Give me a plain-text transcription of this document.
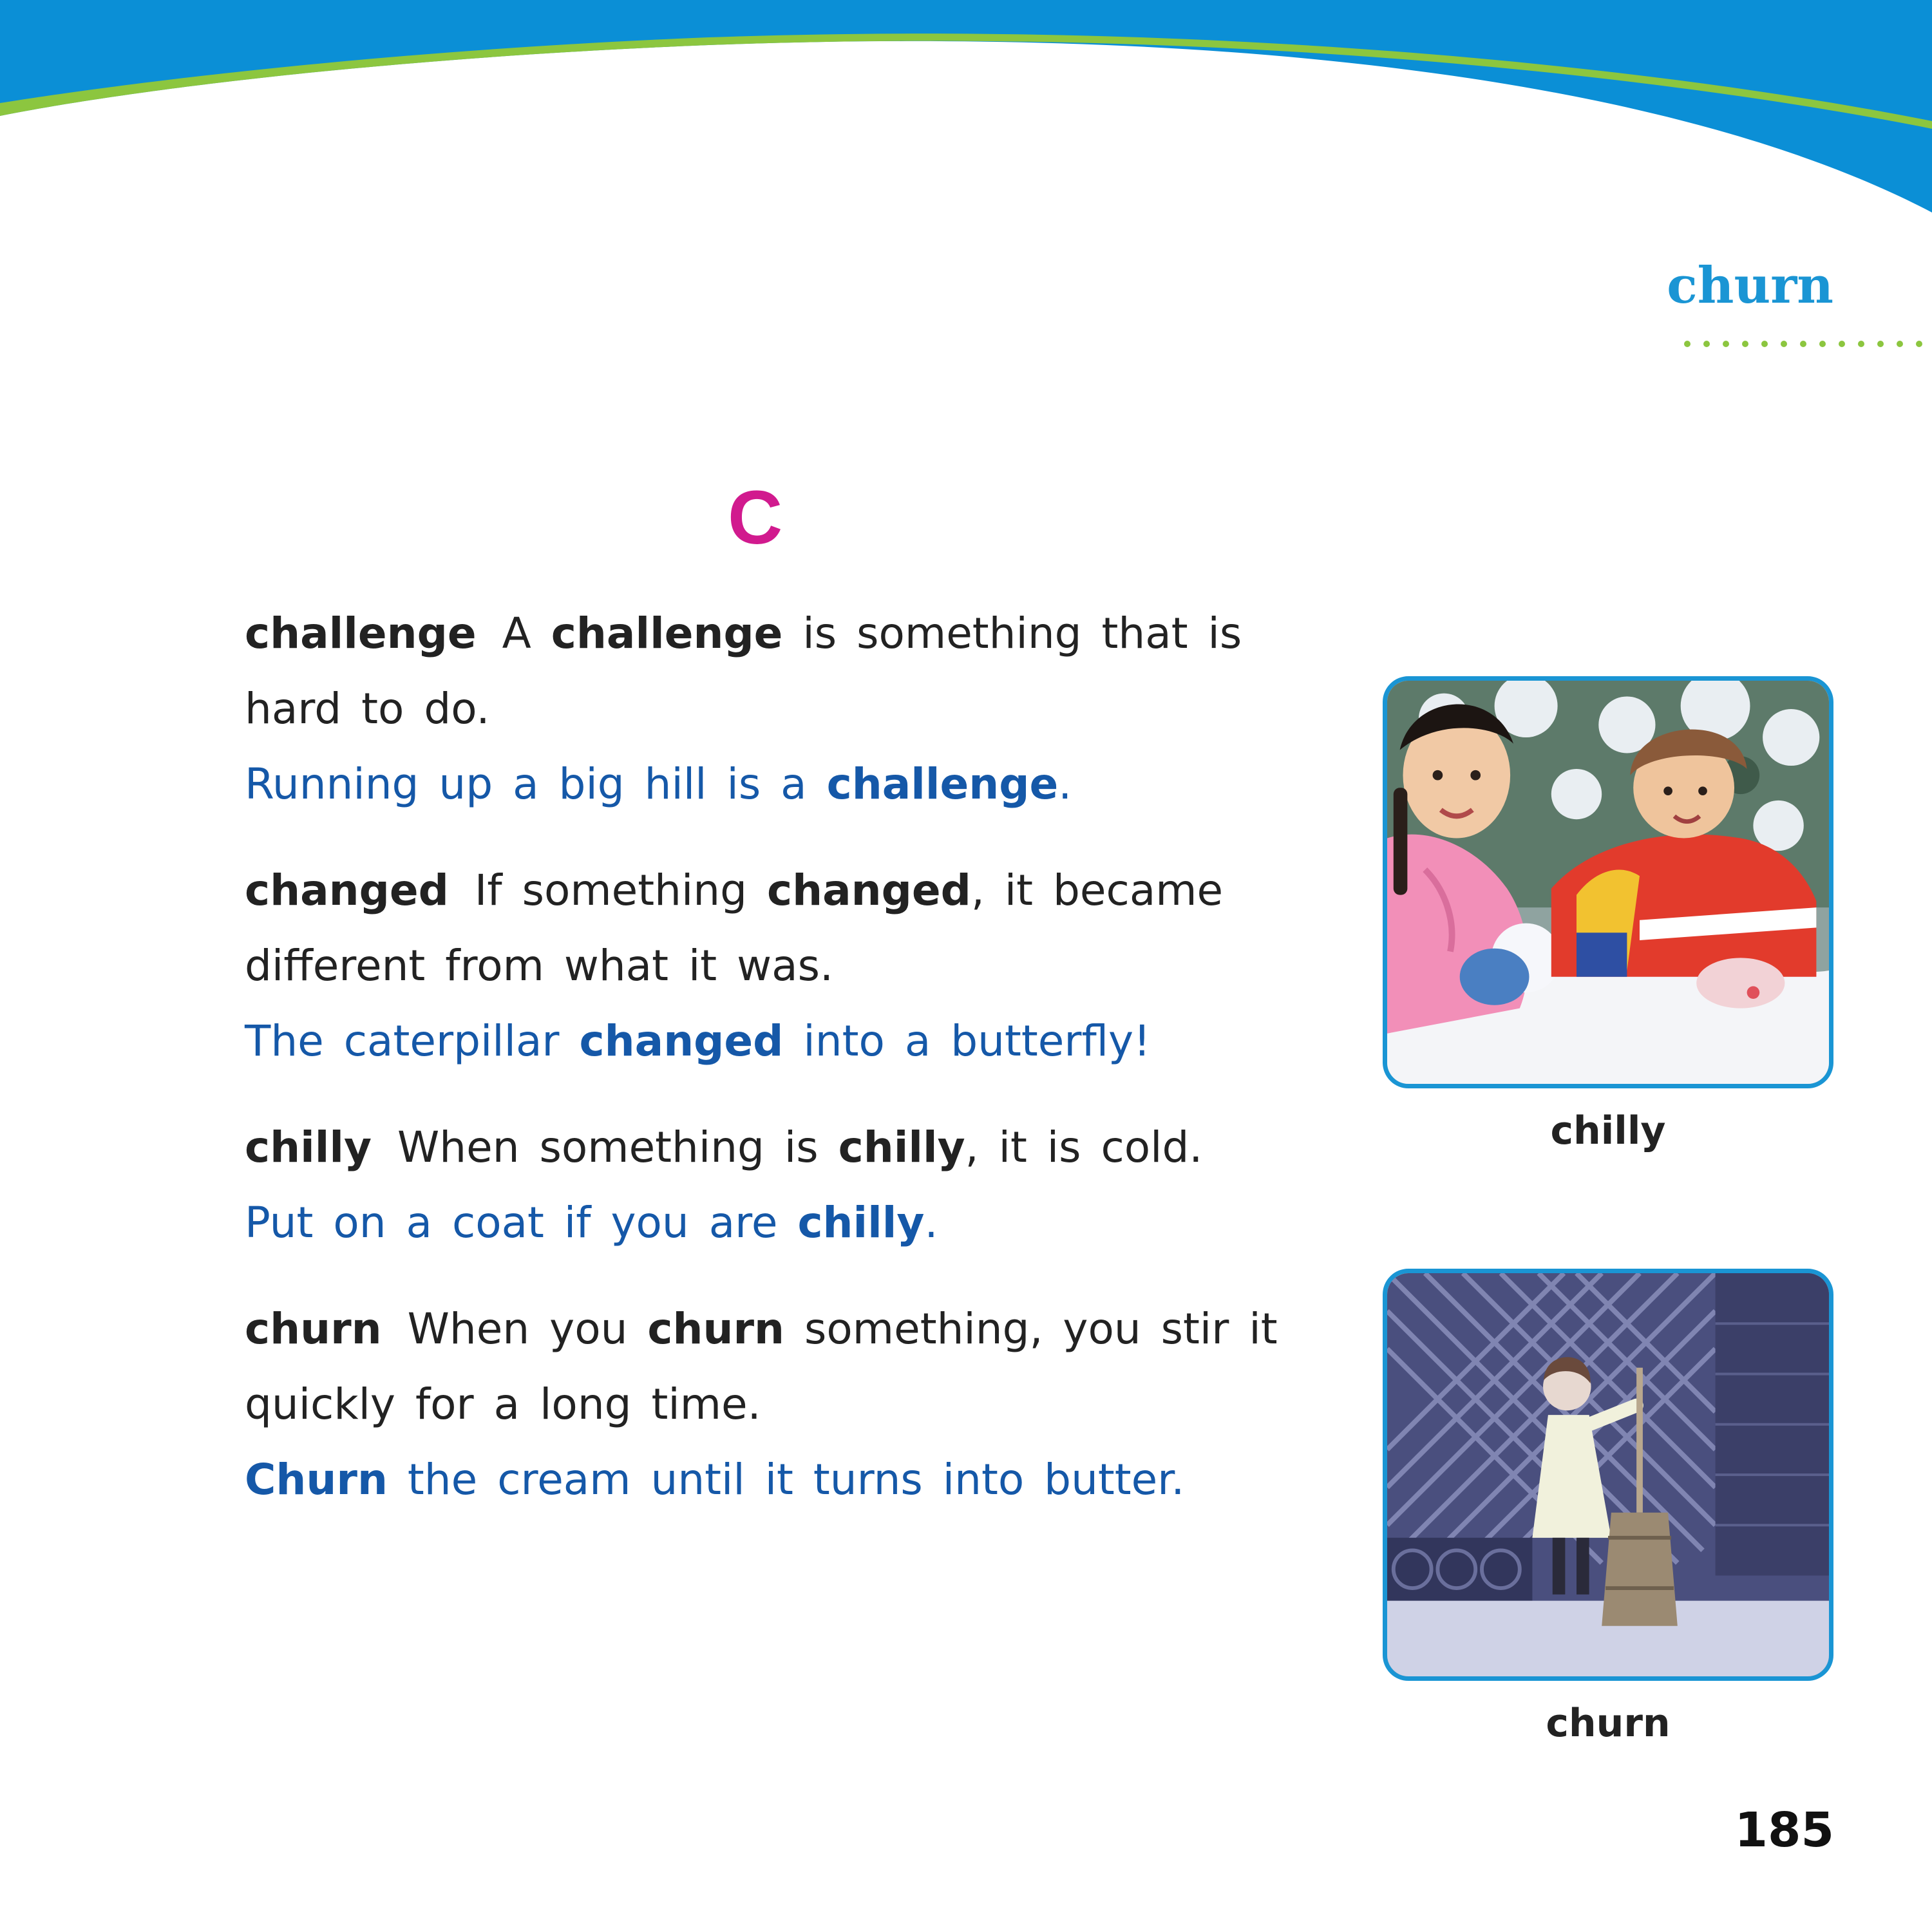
churn
C

challenge A challenge is something that is hard to do.

Running up a big hill is a challenge.

changed If something changed, it became different from what it was.

The caterpillar changed into a butterfly!

chilly When something is chilly, it is cold.

Put on a coat if you are chilly.

churn When you churn something, you stir it quickly for a long time.

Churn the cream until it turns into butter.

chilly

churn

185
